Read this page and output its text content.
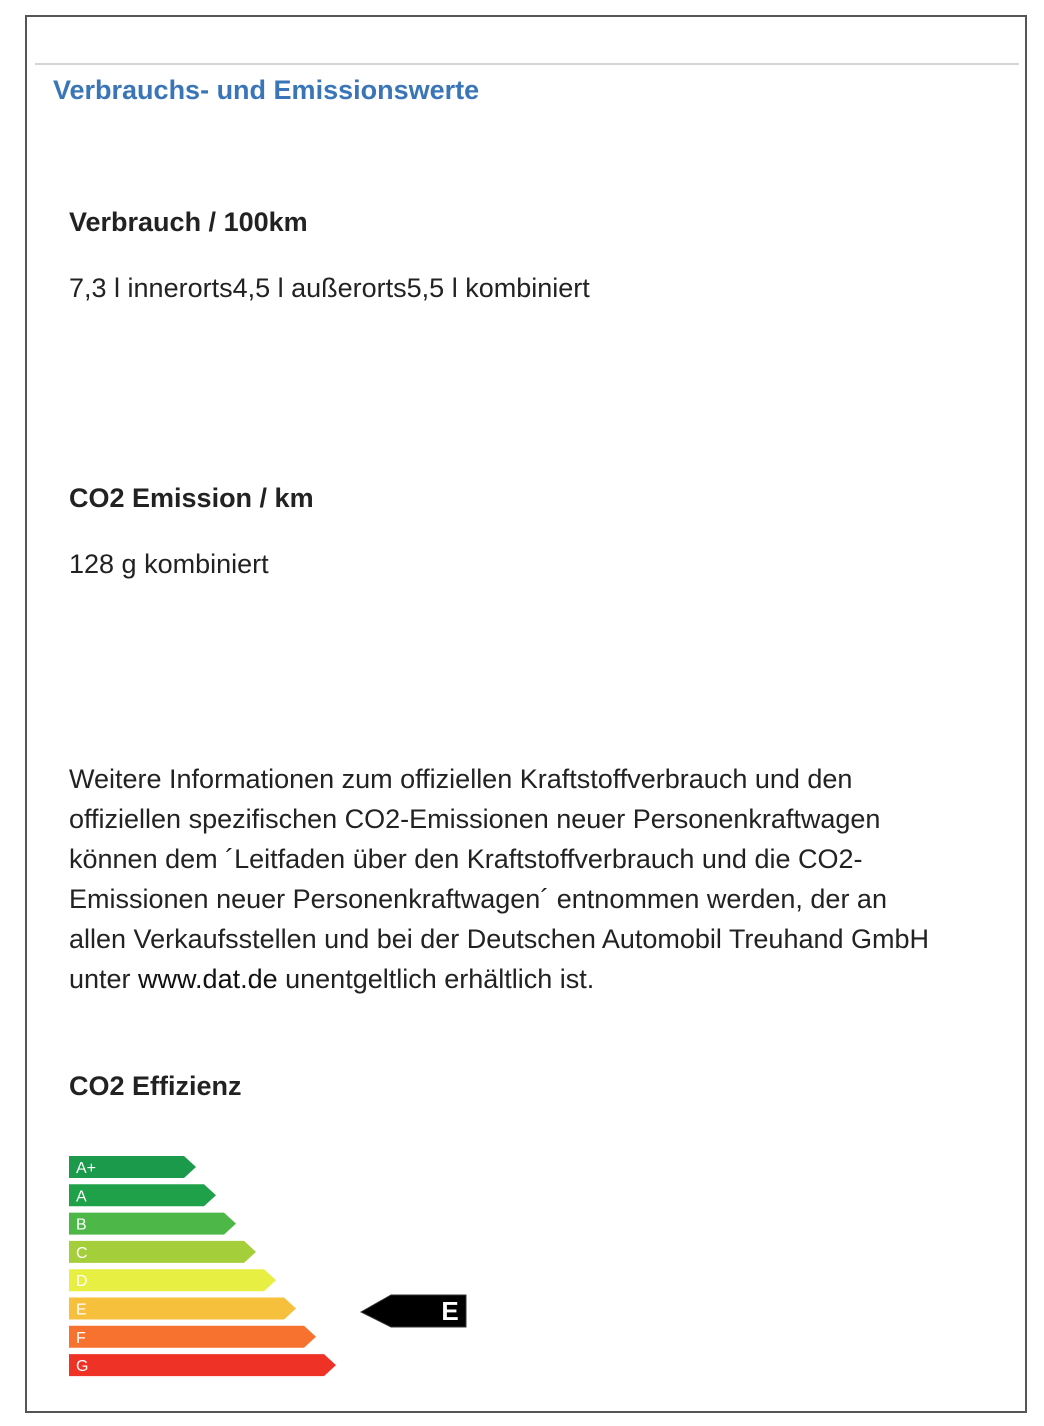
Verbrauchs- und Emissionswerte
Verbrauch / 100km

7,3 l innerorts4,5 l außerorts5,5 l kombiniert

CO2 Emission / km

128 g kombiniert

Weitere Informationen zum offiziellen Kraftstoffverbrauch und den offiziellen spezifischen CO2-Emissionen neuer Personenkraftwagen können dem ´Leitfaden über den Kraftstoffverbrauch und die CO2-Emissionen neuer Personenkraftwagen´ entnommen werden, der an allen Verkaufsstellen und bei der Deutschen Automobil Treuhand GmbH unter www.dat.de unentgeltlich erhältlich ist.

CO2 Effizienz
A+
A
B
C
D
E
F
G
E
